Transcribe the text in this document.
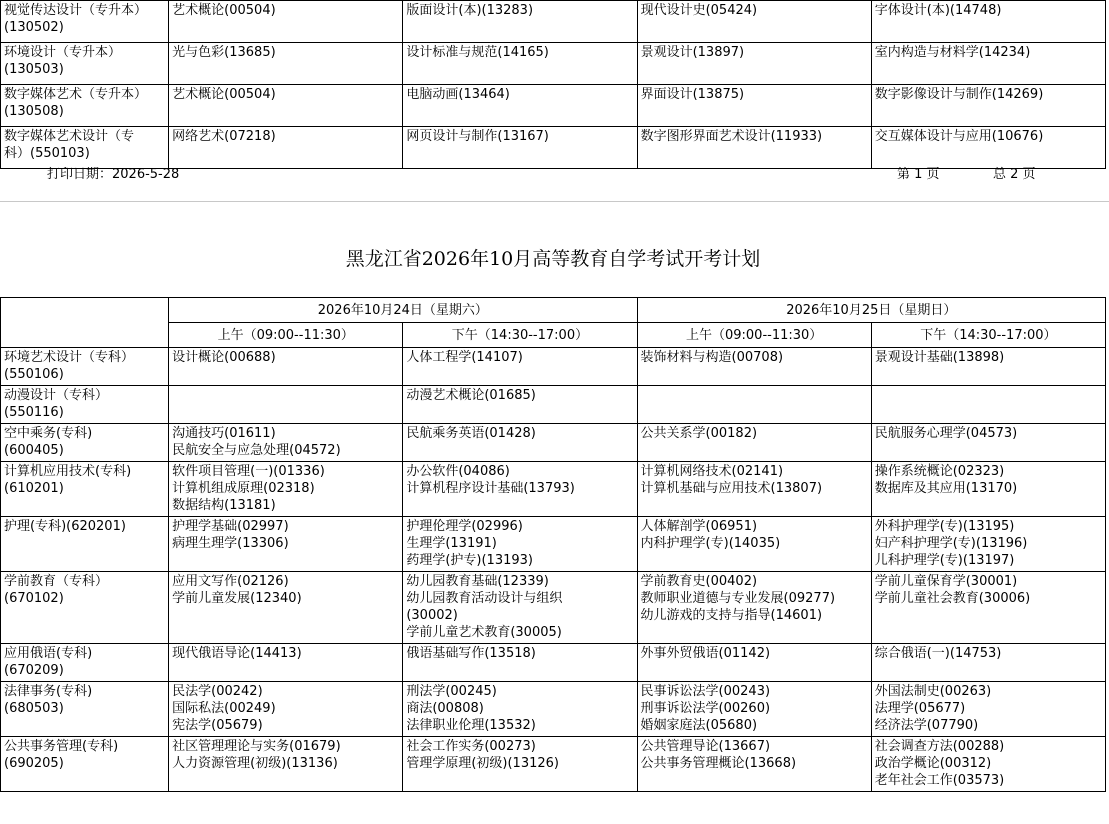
视觉传达设计（专升本）
(130502)	艺术概论(00504)	版面设计(本)(13283)	现代设计史(05424)	字体设计(本)(14748)

环境设计（专升本）
(130503)	光与色彩(13685)	设计标准与规范(14165)	景观设计(13897)	室内构造与材料学(14234)

数字媒体艺术（专升本）
(130508)	艺术概论(00504)	电脑动画(13464)	界面设计(13875)	数字影像设计与制作(14269)

数字媒体艺术设计（专
科）(550103)	网络艺术(07218)	网页设计与制作(13167)	数字图形界面艺术设计(11933)	交互媒体设计与应用(10676)
打印日期：2026-5-28	第 1 页	总 2 页
黑龙江省2026年10月高等教育自学考试开考计划
	2026年10月24日（星期六）		2026年10月25日（星期日）	
	上午（09:00--11:30）	下午（14:30--17:00）	上午（09:00--11:30）	下午（14:30--17:00）

环境艺术设计（专科）
(550106)	设计概论(00688)	人体工程学(14107)	装饰材料与构造(00708)	景观设计基础(13898)

动漫设计（专科）
(550116)		动漫艺术概论(01685)		

空中乘务(专科)
(600405)	沟通技巧(01611)
民航安全与应急处理(04572)	民航乘务英语(01428)	公共关系学(00182)	民航服务心理学(04573)

计算机应用技术(专科)
(610201)	软件项目管理(一)(01336)
计算机组成原理(02318)
数据结构(13181)	办公软件(04086)
计算机程序设计基础(13793)	计算机网络技术(02141)
计算机基础与应用技术(13807)	操作系统概论(02323)
数据库及其应用(13170)

护理(专科)(620201)	护理学基础(02997)
病理生理学(13306)	护理伦理学(02996)
生理学(13191)
药理学(护专)(13193)	人体解剖学(06951)
内科护理学(专)(14035)	外科护理学(专)(13195)
妇产科护理学(专)(13196)
儿科护理学(专)(13197)

学前教育（专科）
(670102)	应用文写作(02126)
学前儿童发展(12340)	幼儿园教育基础(12339)
幼儿园教育活动设计与组织
(30002)
学前儿童艺术教育(30005)	学前教育史(00402)
教师职业道德与专业发展(09277)
幼儿游戏的支持与指导(14601)	学前儿童保育学(30001)
学前儿童社会教育(30006)

应用俄语(专科)
(670209)	现代俄语导论(14413)	俄语基础写作(13518)	外事外贸俄语(01142)	综合俄语(一)(14753)

法律事务(专科)
(680503)	民法学(00242)
国际私法(00249)
宪法学(05679)	刑法学(00245)
商法(00808)
法律职业伦理(13532)	民事诉讼法学(00243)
刑事诉讼法学(00260)
婚姻家庭法(05680)	外国法制史(00263)
法理学(05677)
经济法学(07790)

公共事务管理(专科)
(690205)	社区管理理论与实务(01679)
人力资源管理(初级)(13136)	社会工作实务(00273)
管理学原理(初级)(13126)	公共管理导论(13667)
公共事务管理概论(13668)	社会调查方法(00288)
政治学概论(00312)
老年社会工作(03573)
